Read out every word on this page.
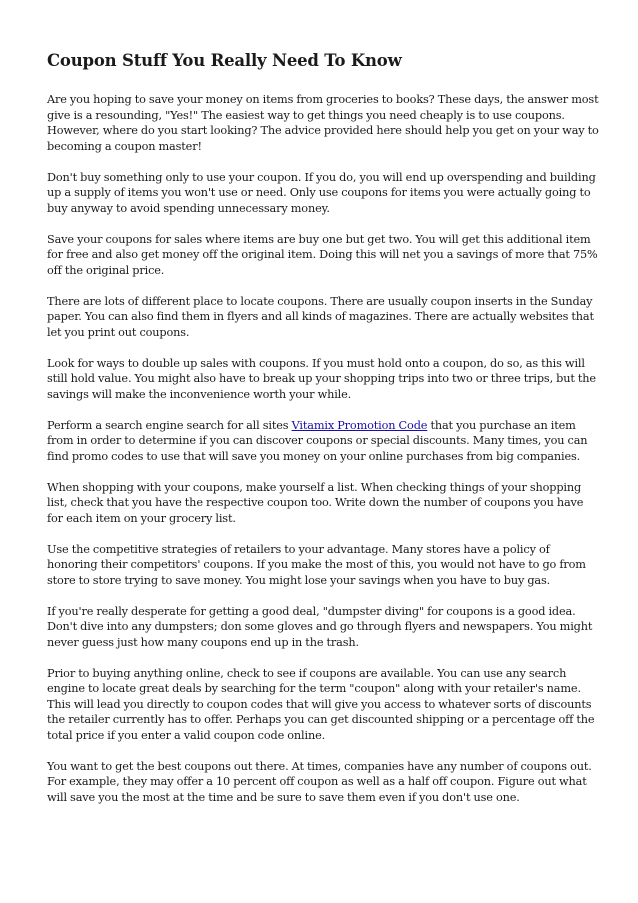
Coupon Stuff You Really Need To Know

Are you hoping to save your money on items from groceries to books? These days, the answer most give is a resounding, "Yes!" The easiest way to get things you need cheaply is to use coupons. However, where do you start looking? The advice provided here should help you get on your way to becoming a coupon master!

Don't buy something only to use your coupon. If you do, you will end up overspending and building up a supply of items you won't use or need. Only use coupons for items you were actually going to buy anyway to avoid spending unnecessary money.

Save your coupons for sales where items are buy one but get two. You will get this additional item for free and also get money off the original item. Doing this will net you a savings of more that 75% off the original price.

There are lots of different place to locate coupons. There are usually coupon inserts in the Sunday paper. You can also find them in flyers and all kinds of magazines. There are actually websites that let you print out coupons.

Look for ways to double up sales with coupons. If you must hold onto a coupon, do so, as this will still hold value. You might also have to break up your shopping trips into two or three trips, but the savings will make the inconvenience worth your while.

Perform a search engine search for all sites Vitamix Promotion Code that you purchase an item from in order to determine if you can discover coupons or special discounts. Many times, you can find promo codes to use that will save you money on your online purchases from big companies.

When shopping with your coupons, make yourself a list. When checking things of your shopping list, check that you have the respective coupon too. Write down the number of coupons you have for each item on your grocery list.

Use the competitive strategies of retailers to your advantage. Many stores have a policy of honoring their competitors' coupons. If you make the most of this, you would not have to go from store to store trying to save money. You might lose your savings when you have to buy gas.

If you're really desperate for getting a good deal, "dumpster diving" for coupons is a good idea. Don't dive into any dumpsters; don some gloves and go through flyers and newspapers. You might never guess just how many coupons end up in the trash.

Prior to buying anything online, check to see if coupons are available. You can use any search engine to locate great deals by searching for the term "coupon" along with your retailer's name. This will lead you directly to coupon codes that will give you access to whatever sorts of discounts the retailer currently has to offer. Perhaps you can get discounted shipping or a percentage off the total price if you enter a valid coupon code online.

You want to get the best coupons out there. At times, companies have any number of coupons out. For example, they may offer a 10 percent off coupon as well as a half off coupon. Figure out what will save you the most at the time and be sure to save them even if you don't use one.
